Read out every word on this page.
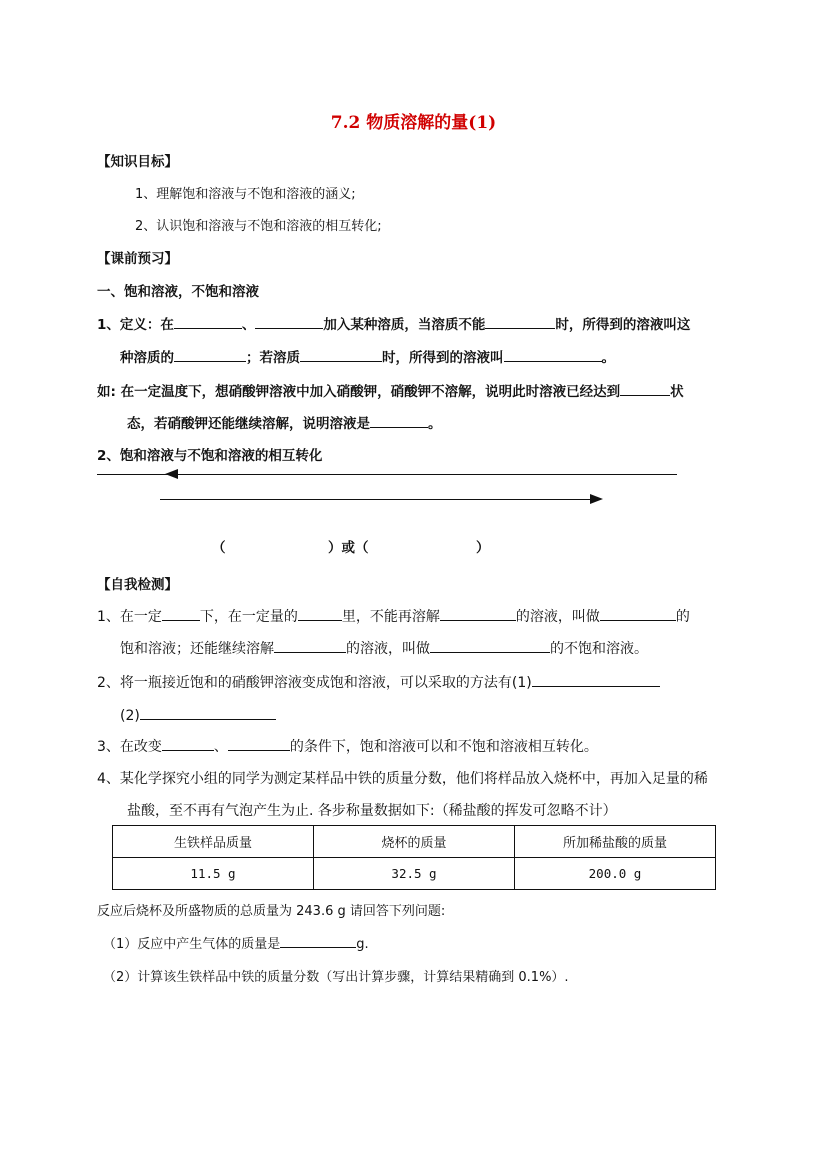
7.2 物质溶解的量(1)
【知识目标】
1、理解饱和溶液与不饱和溶液的涵义;
2、认识饱和溶液与不饱和溶液的相互转化;
【课前预习】
一、饱和溶液，不饱和溶液
1、定义：在	、	加入某种溶质，当溶质不能	时，所得到的溶液叫这
种溶质的	；若溶质	时，所得到的溶液叫	。
如: 在一定温度下，想硝酸钾溶液中加入硝酸钾，硝酸钾不溶解，说明此时溶液已经达到	状
态，若硝酸钾还能继续溶解，说明溶液是	。
2、饱和溶液与不饱和溶液的相互转化
（	）或（	）
【自我检测】
1、在一定	下，在一定量的	里，不能再溶解	的溶液，叫做	的
饱和溶液；还能继续溶解	的溶液，叫做	的不饱和溶液。
2、将一瓶接近饱和的硝酸钾溶液变成饱和溶液，可以采取的方法有(1)
(2)
3、在改变	、	的条件下，饱和溶液可以和不饱和溶液相互转化。
4、某化学探究小组的同学为测定某样品中铁的质量分数，他们将样品放入烧杯中，再加入足量的稀
盐酸，至不再有气泡产生为止. 各步称量数据如下:（稀盐酸的挥发可忽略不计）
生铁样品质量	烧杯的质量	所加稀盐酸的质量
11.5 g	32.5 g	200.0 g
反应后烧杯及所盛物质的总质量为 243.6 g 请回答下列问题:
（1）反应中产生气体的质量是	g.
（2）计算该生铁样品中铁的质量分数（写出计算步骤，计算结果精确到 0.1%）.
